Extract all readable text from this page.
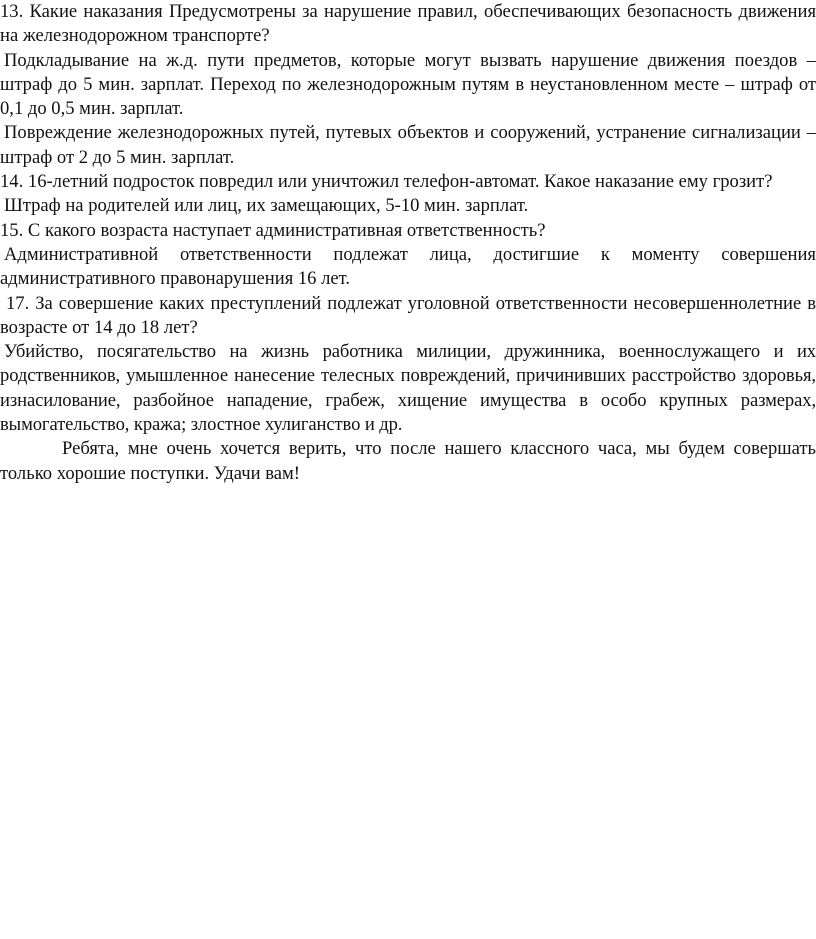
13. Какие наказания Предусмотрены за нарушение правил, обеспечивающих безопасность движения на железнодорожном транспорте?

Подкладывание на ж.д. пути предметов, которые могут вызвать нарушение движения поездов – штраф до 5 мин. зарплат. Переход по железнодорожным путям в неустановленном месте – штраф от 0,1 до 0,5 мин. зарплат.

Повреждение железнодорожных путей, путевых объектов и сооружений, устранение сигнализации – штраф от 2 до 5 мин. зарплат.

14. 16-летний подросток повредил или уничтожил телефон-автомат. Какое наказание ему грозит?

Штраф на родителей или лиц, их замещающих, 5-10 мин. зарплат.

15. С какого возраста наступает административная ответственность?

Административной ответственности подлежат лица, достигшие к моменту совершения административного правонарушения 16 лет.

17. За совершение каких преступлений подлежат уголовной ответственности несовершеннолетние в возрасте от 14 до 18 лет?

Убийство, посягательство на жизнь работника милиции, дружинника, военнослужащего и их родственников, умышленное нанесение телесных повреждений, причинивших расстройство здоровья, изнасилование, разбойное нападение, грабеж, хищение имущества в особо крупных размерах, вымогательство, кража; злостное хулиганство и др.

Ребята, мне очень хочется верить, что после нашего классного часа, мы будем совершать только хорошие поступки. Удачи вам!
